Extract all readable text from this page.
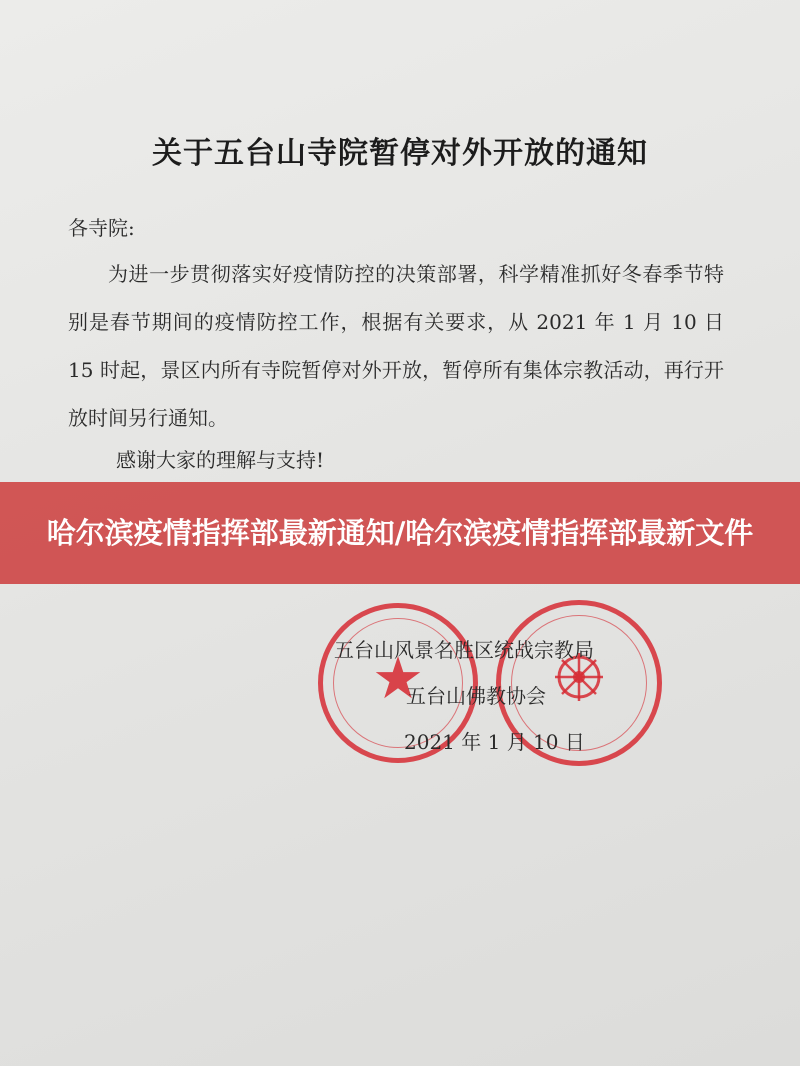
关于五台山寺院暂停对外开放的通知
各寺院:

为进一步贯彻落实好疫情防控的决策部署，科学精准抓好冬春季节特别是春节期间的疫情防控工作，根据有关要求，从 2021 年 1 月 10 日 15 时起，景区内所有寺院暂停对外开放，暂停所有集体宗教活动，再行开放时间另行通知。

感谢大家的理解与支持!
★
五台山风景名胜区统战宗教局
五台山佛教协会
2021 年 1 月 10 日
哈尔滨疫情指挥部最新通知/哈尔滨疫情指挥部最新文件
